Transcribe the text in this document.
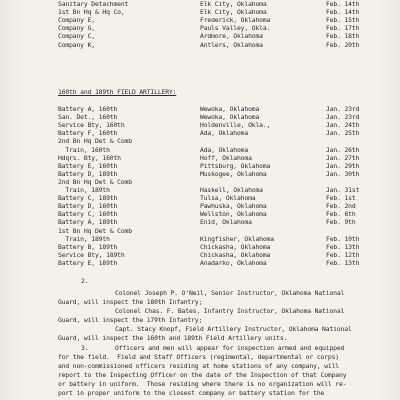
Sanitary Detachment	Elk City, Oklahoma	Feb. 14th
1st Bn Hq & Hq Co,	Elk City, Oklahoma	Feb. 14th
Company E,	Frederick, Oklahoma	Feb. 15th
Company G,	Pauls Valley, Okla.	Feb. 17th
Company C,	Ardmore, Oklahoma	Feb. 18th
Company K,	Antlers, Oklahoma	Feb. 20th
160th and 189th FIELD ARTILLERY:
Battery A, 160th	Wewoka, Oklahoma	Jan. 23rd
San. Det., 160th	Wewoka, Oklahoma	Jan. 23rd
Service Bty, 160th	Holdenville, Okla.,	Jan. 24th
Battery F, 160th	Ada, Oklahoma	Jan. 25th
2nd Bn Hq Det & Comb
Train, 160th	Ada, Oklahoma	Jan. 26th
Hdqrs. Bty, 160th	Hoff, Oklahoma	Jan. 27th
Battery E, 160th	Pittsburg, Oklahoma	Jan. 29th
Battery D, 189th	Muskogee, Oklahoma	Jan. 30th
2nd Bn Hq Det & Comb
Train, 189th	Haskell, Oklahoma	Jan. 31st
Battery C, 189th	Tulsa, Oklahoma	Feb. 1st
Battery D, 160th	Pawhuska, Oklahoma	Feb. 2nd
Battery C, 160th	Wellston, Oklahoma	Feb. 6th
Battery A, 189th	Enid, Oklahoma	Feb. 9th
1st Bn Hq Det & Comb
Train, 189th	Kingfisher, Oklahoma	Feb. 10th
Battery B, 189th	Chickasha, Oklahoma	Feb. 13th
Service Bty, 189th	Chickasha, Oklahoma	Feb. 12th
Battery E, 189th	Anadarko, Oklahoma	Feb. 13th
2.
Colonel Joseph P. O'Neil, Senior Instructor, Oklahoma National
Guard, will inspect the 180th Infantry;
Colonel Chas. F. Bates, Infantry Instructor, Oklahoma National
Guard, will inspect the 179th Infantry;
Capt. Stacy Knopf, Field Artillery Instructor, Oklahoma National
Guard, will inspect the 160th and 189th Field Artillery units.
3.	Officers and men will appear for inspection armed and equipped
for the field.  Field and Staff Officers (regimental, departmental or corps)
and non-commissioned officers residing at home stations of any company, will
report to the Inspecting Officer on the date of the Inspection of that Company
or battery in uniform.  Those residing where there is no organization will re-
port in proper uniform to the closest company or battery station for the
